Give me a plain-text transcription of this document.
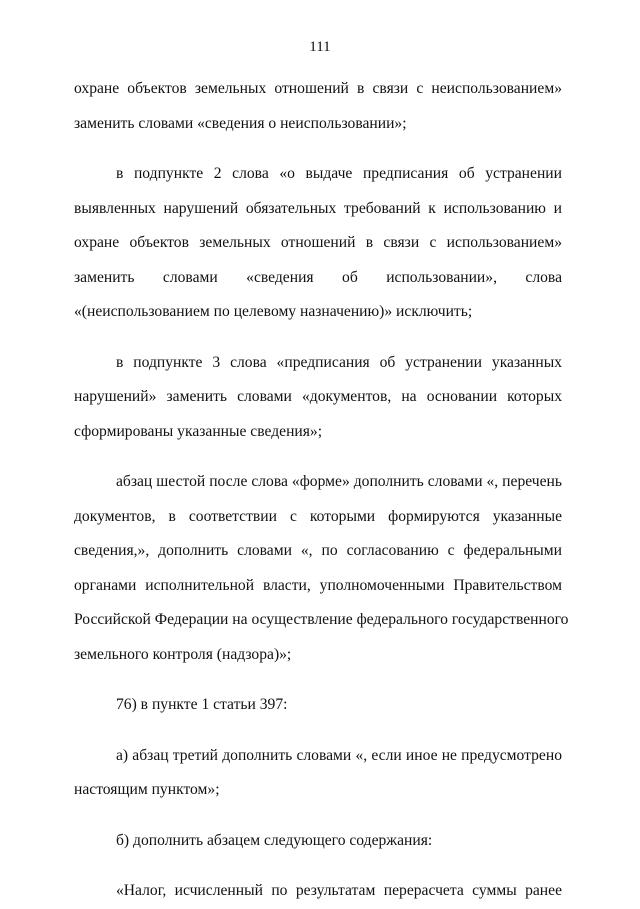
111

охране объектов земельных отношений в связи с неиспользованием»
заменить словами «сведения о неиспользовании»;

в подпункте 2 слова «о выдаче предписания об устранении
выявленных нарушений обязательных требований к использованию и
охране объектов земельных отношений в связи с использованием»
заменить словами «сведения об использовании», слова
«(неиспользованием по целевому назначению)» исключить;

в подпункте 3 слова «предписания об устранении указанных
нарушений» заменить словами «документов, на основании которых
сформированы указанные сведения»;

абзац шестой после слова «форме» дополнить словами «, перечень
документов, в соответствии с которыми формируются указанные
сведения,», дополнить словами «, по согласованию с федеральными
органами исполнительной власти, уполномоченными Правительством
Российской Федерации на осуществление федерального государственного
земельного контроля (надзора)»;

76) в пункте 1 статьи 397:

а) абзац третий дополнить словами «, если иное не предусмотрено
настоящим пунктом»;

б) дополнить абзацем следующего содержания:

«Налог, исчисленный по результатам перерасчета суммы ранее
